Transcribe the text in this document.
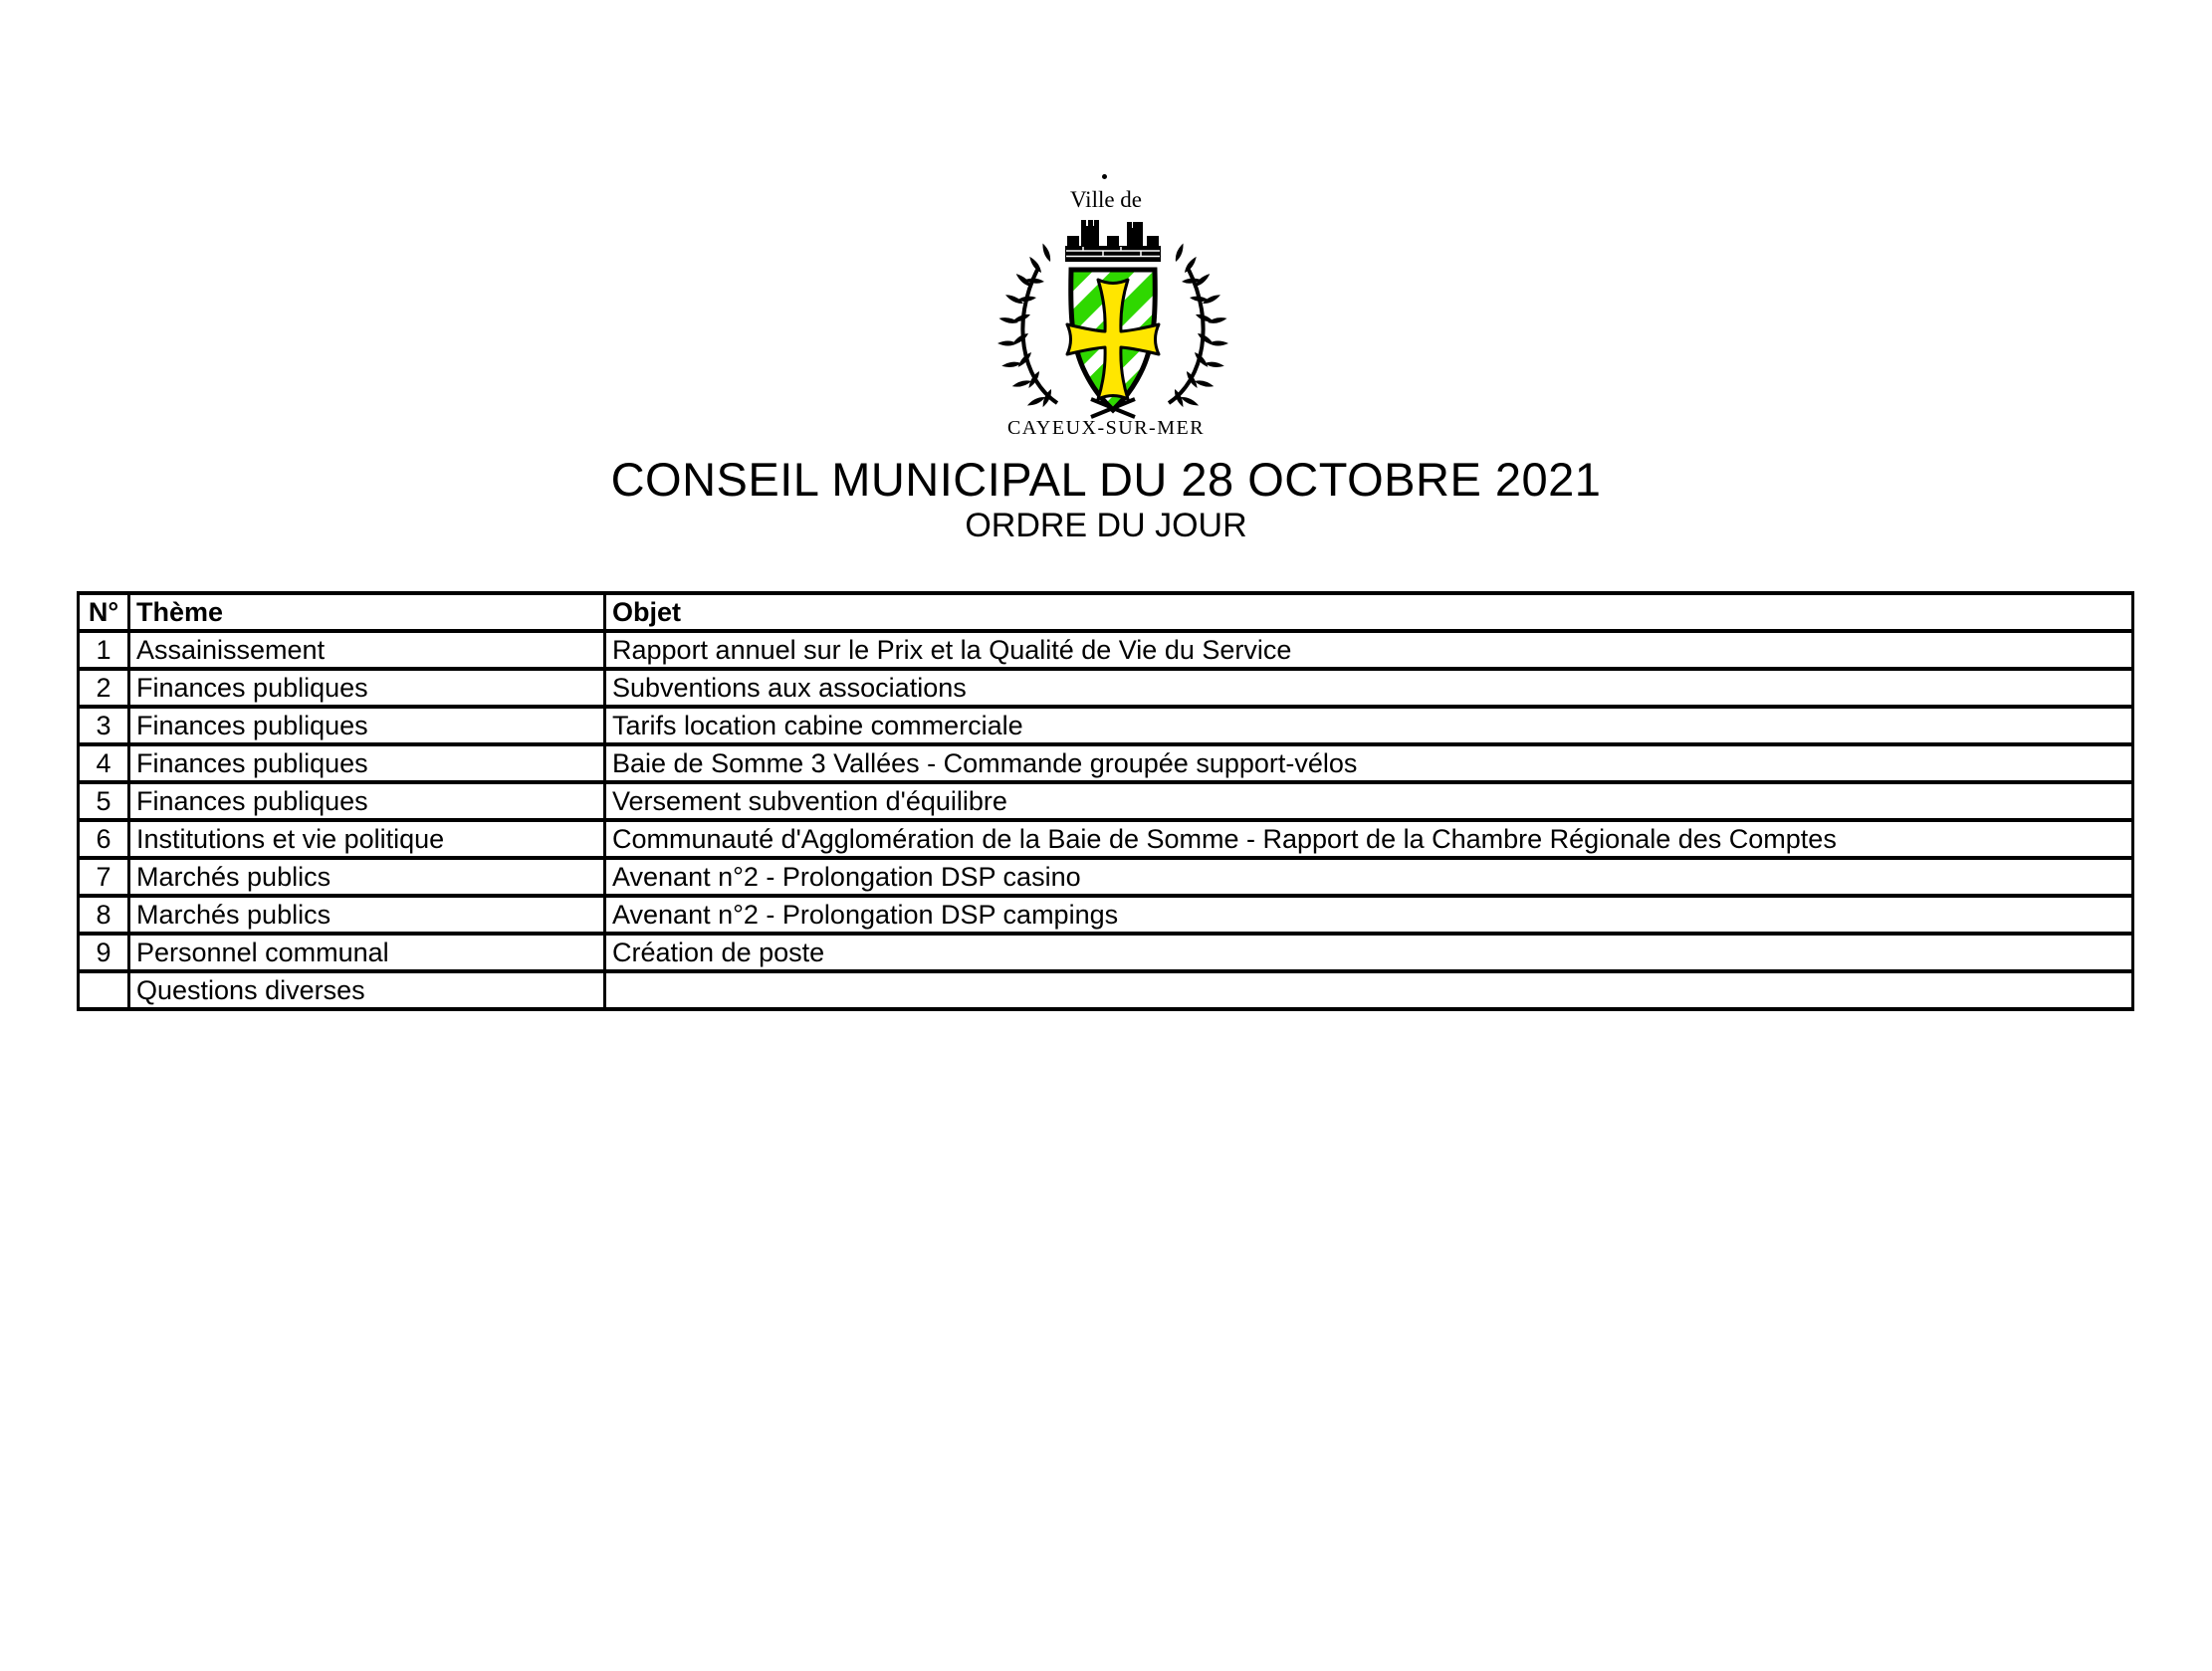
Ville de
CAYEUX-SUR-MER
CONSEIL MUNICIPAL DU 28 OCTOBRE 2021
ORDRE DU JOUR
N°	Thème	Objet
1	Assainissement	Rapport annuel sur le Prix et la Qualité de Vie du Service
2	Finances publiques	Subventions aux associations
3	Finances publiques	Tarifs location cabine commerciale
4	Finances publiques	Baie de Somme 3 Vallées - Commande groupée support-vélos
5	Finances publiques	Versement subvention d'équilibre
6	Institutions et vie politique	Communauté d'Agglomération de la Baie de Somme - Rapport de la Chambre Régionale des Comptes
7	Marchés publics	Avenant n°2 - Prolongation DSP casino
8	Marchés publics	Avenant n°2 - Prolongation DSP campings
9	Personnel communal	Création de poste
	Questions diverses	
